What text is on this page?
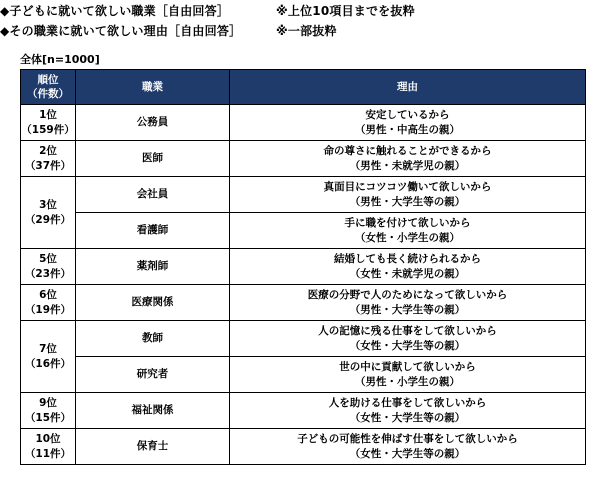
◆子どもに就いて欲しい職業［自由回答］	※上位10項目までを抜粋
◆その職業に就いて欲しい理由［自由回答］	※一部抜粋
全体[n=1000]
順位
（件数）	職業	理由

1位
（159件）	公務員	安定しているから
（男性・中高生の親）

2位
（37件）	医師	命の尊さに触れることができるから
（男性・未就学児の親）

3位
（29件）	会社員	真面目にコツコツ働いて欲しいから
（男性・大学生等の親）

	看護師	手に職を付けて欲しいから
（女性・小学生の親）

5位
（23件）	薬剤師	結婚しても長く続けられるから
（女性・未就学児の親）

6位
（19件）	医療関係	医療の分野で人のためになって欲しいから
（男性・大学生等の親）

7位
（16件）	教師	人の記憶に残る仕事をして欲しいから
（女性・大学生等の親）

	研究者	世の中に貢献して欲しいから
（男性・小学生の親）

9位
（15件）	福祉関係	人を助ける仕事をして欲しいから
（女性・大学生等の親）

10位
（11件）	保育士	子どもの可能性を伸ばす仕事をして欲しいから
（女性・大学生等の親）
